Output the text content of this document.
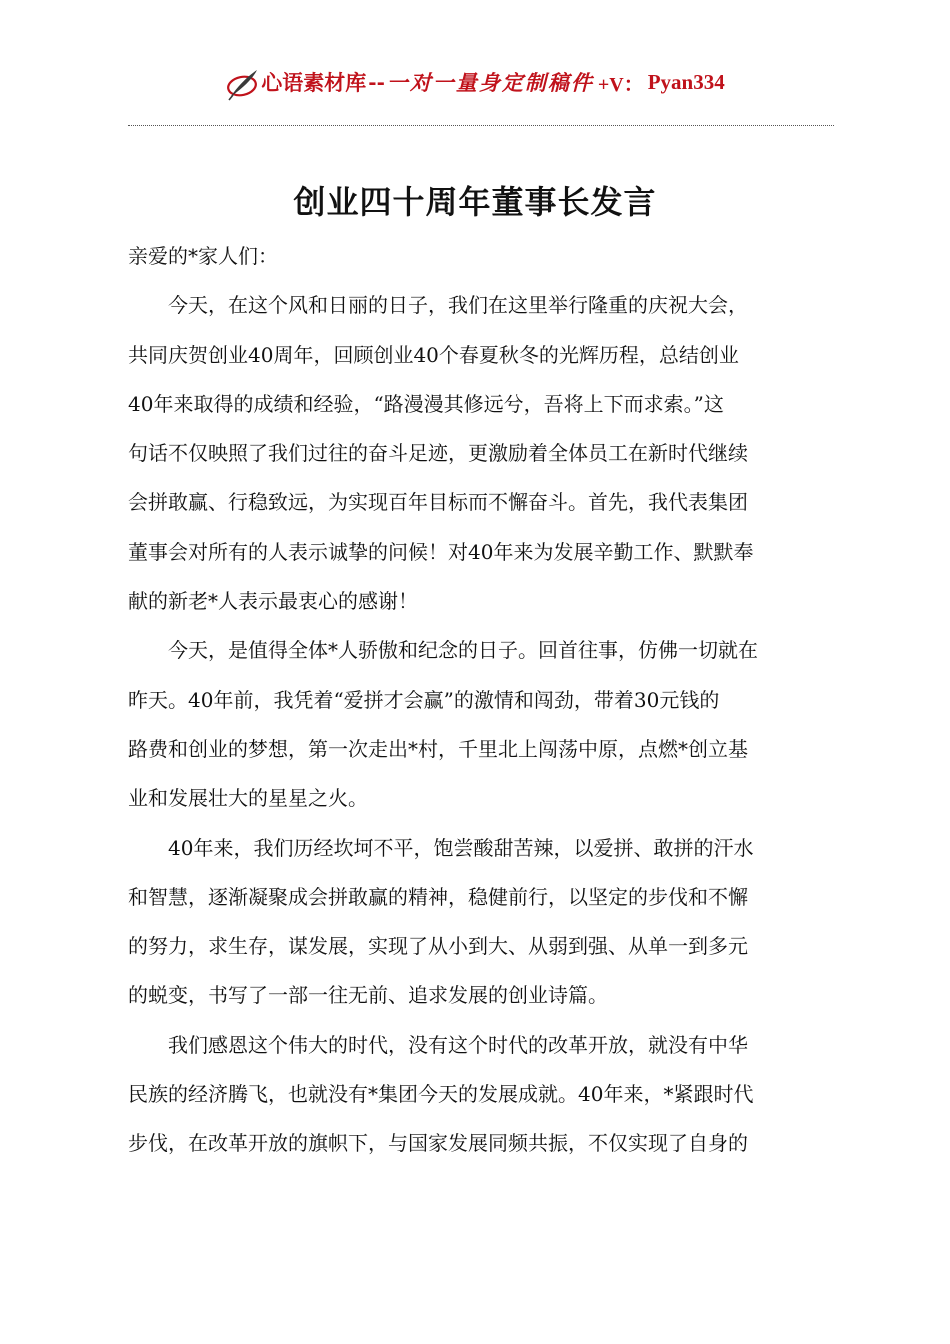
心语素材库 -- 一对一量身定制稿件 +V： Pyan334
创业四十周年董事长发言

亲爱的*家人们：

今天，在这个风和日丽的日子，我们在这里举行隆重的庆祝大会，
共同庆贺创业40周年，回顾创业40个春夏秋冬的光辉历程，总结创业
40年来取得的成绩和经验，“路漫漫其修远兮，吾将上下而求索。”这
句话不仅映照了我们过往的奋斗足迹，更激励着全体员工在新时代继续
会拼敢赢、行稳致远，为实现百年目标而不懈奋斗。首先，我代表集团
董事会对所有的人表示诚挚的问候！对40年来为发展辛勤工作、默默奉
献的新老*人表示最衷心的感谢！
今天，是值得全体*人骄傲和纪念的日子。回首往事，仿佛一切就在
昨天。40年前，我凭着“爱拼才会赢”的激情和闯劲，带着30元钱的
路费和创业的梦想，第一次走出*村，千里北上闯荡中原，点燃*创立基
业和发展壮大的星星之火。
40年来，我们历经坎坷不平，饱尝酸甜苦辣，以爱拼、敢拼的汗水
和智慧，逐渐凝聚成会拼敢赢的精神，稳健前行，以坚定的步伐和不懈
的努力，求生存，谋发展，实现了从小到大、从弱到强、从单一到多元
的蜕变，书写了一部一往无前、追求发展的创业诗篇。
我们感恩这个伟大的时代，没有这个时代的改革开放，就没有中华
民族的经济腾飞，也就没有*集团今天的发展成就。40年来，*紧跟时代
步伐，在改革开放的旗帜下，与国家发展同频共振，不仅实现了自身的
